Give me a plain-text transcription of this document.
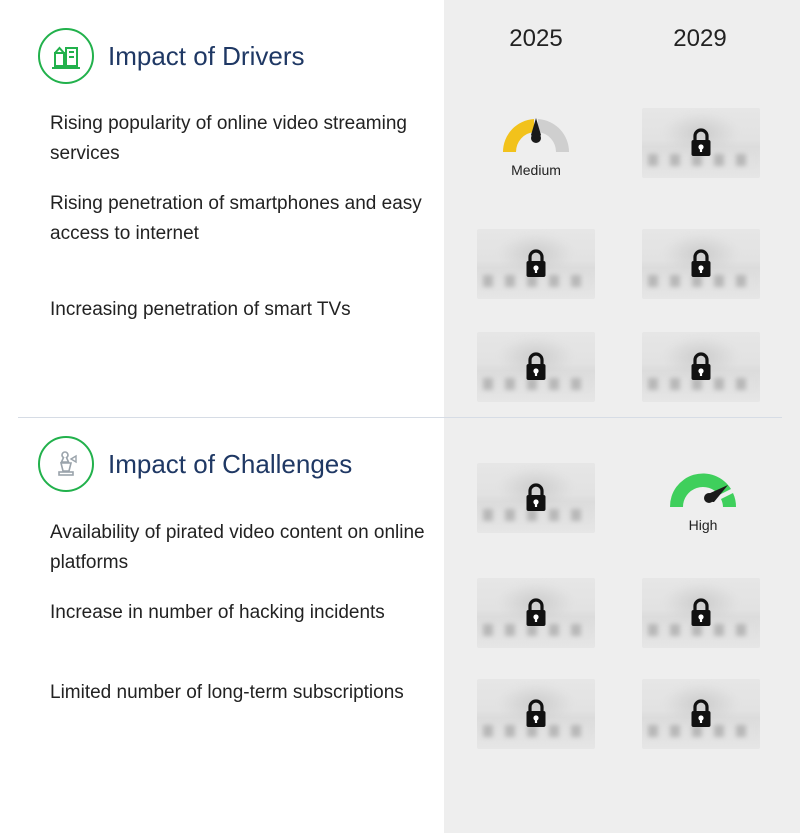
2025	2029
Impact of Drivers
Rising popularity of online video streaming services
Rising penetration of smartphones and easy access to internet
Increasing penetration of smart TVs
Medium
Impact of Challenges
Availability of pirated video content on online platforms
Increase in number of hacking incidents
Limited number of long-term subscriptions
High
